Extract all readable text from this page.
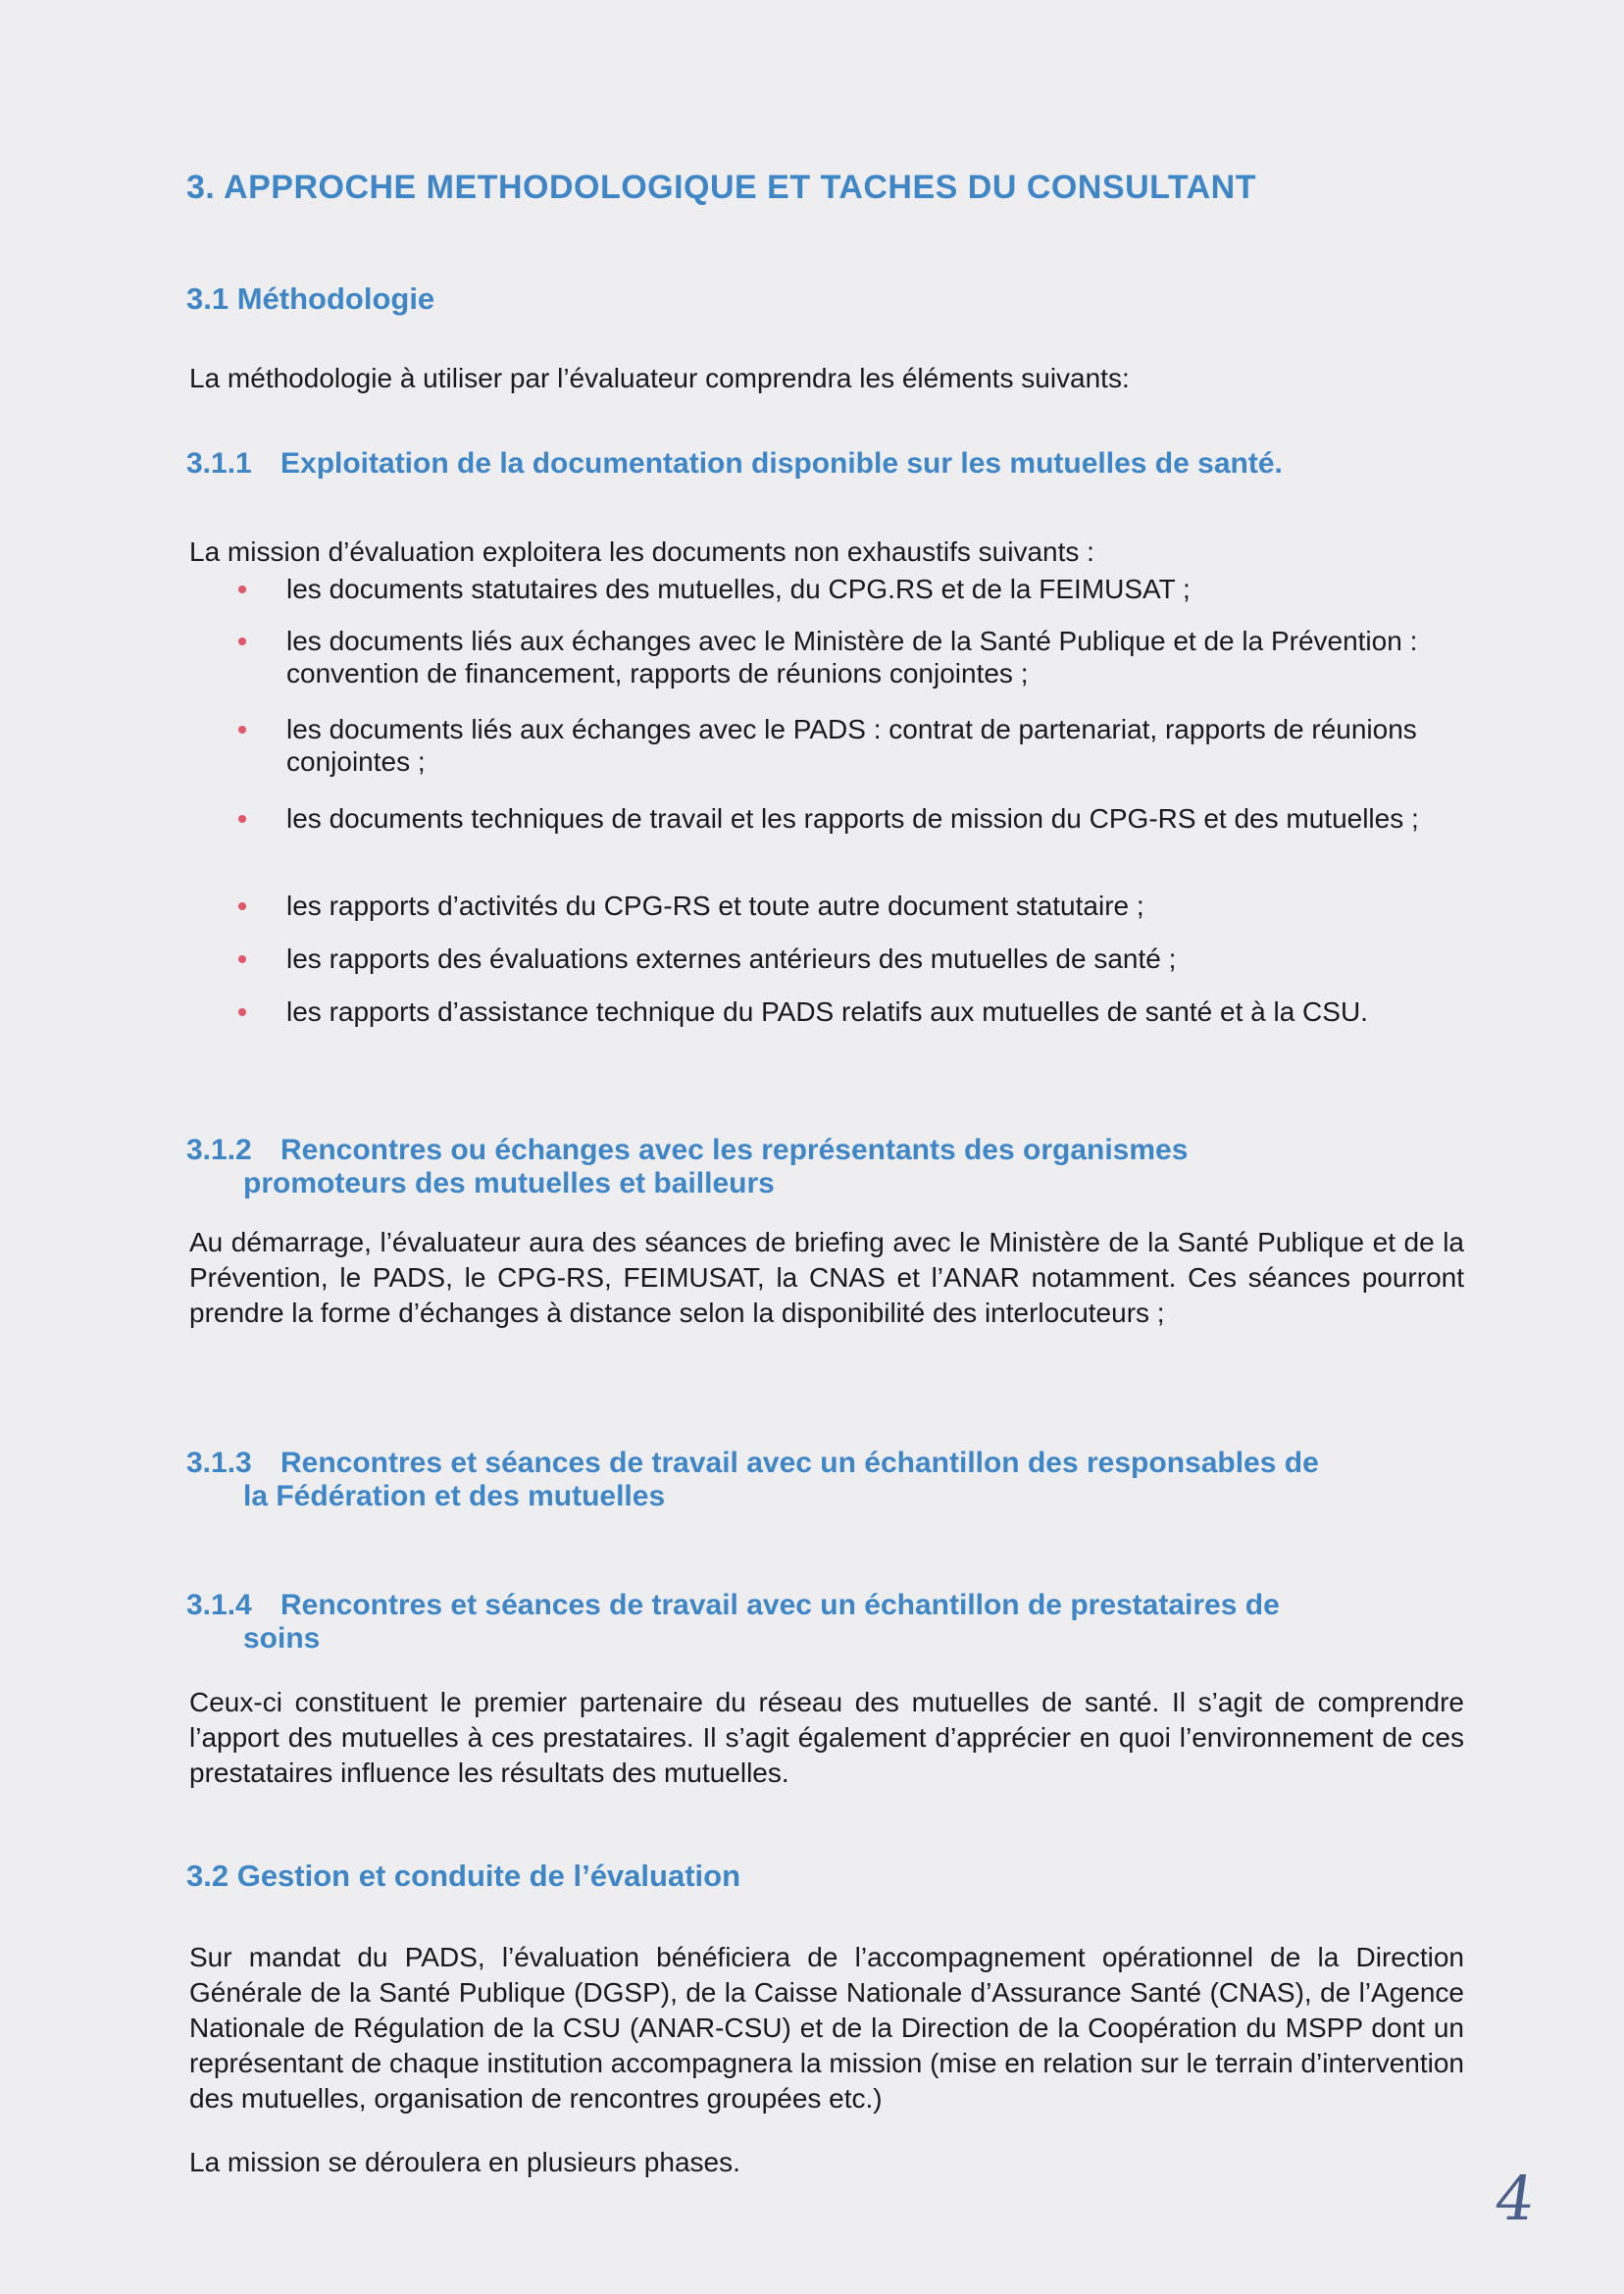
3. APPROCHE METHODOLOGIQUE ET TACHES DU CONSULTANT
3.1 Méthodologie
La méthodologie à utiliser par l’évaluateur comprendra les éléments suivants:
3.1.1 Exploitation de la documentation disponible sur les mutuelles de santé.
La mission d’évaluation exploitera les documents non exhaustifs suivants :
les documents statutaires des mutuelles, du CPG.RS et de la FEIMUSAT ;
les documents liés aux échanges avec le Ministère de la Santé Publique et de la Prévention : convention de financement, rapports de réunions conjointes ;
les documents liés aux échanges avec le PADS : contrat de partenariat, rapports de réunions conjointes ;
les documents techniques de travail et les rapports de mission du CPG-RS et des mutuelles ;
les rapports d’activités du CPG-RS et toute autre document statutaire ;
les rapports des évaluations externes antérieurs des mutuelles de santé ;
les rapports d’assistance technique du PADS relatifs aux mutuelles de santé et à la CSU.
3.1.2 Rencontres ou échanges avec les représentants des organismes
promoteurs des mutuelles et bailleurs
Au démarrage, l’évaluateur aura des séances de briefing avec le Ministère de la Santé Publique et de la Prévention, le PADS, le CPG-RS, FEIMUSAT, la CNAS et l’ANAR notamment. Ces séances pourront prendre la forme d’échanges à distance selon la disponibilité des interlocuteurs ;
3.1.3 Rencontres et séances de travail avec un échantillon des responsables de
la Fédération et des mutuelles
3.1.4 Rencontres et séances de travail avec un échantillon de prestataires de
soins
Ceux-ci constituent le premier partenaire du réseau des mutuelles de santé. Il s’agit de comprendre l’apport des mutuelles à ces prestataires. Il s’agit également d’apprécier en quoi l’environnement de ces prestataires influence les résultats des mutuelles.
3.2 Gestion et conduite de l’évaluation
Sur mandat du PADS, l’évaluation bénéficiera de l’accompagnement opérationnel de la Direction Générale de la Santé Publique (DGSP), de la Caisse Nationale d’Assurance Santé (CNAS), de l’Agence Nationale de Régulation de la CSU (ANAR-CSU) et de la Direction de la Coopération du MSPP dont un représentant de chaque institution accompagnera la mission (mise en relation sur le terrain d’intervention des mutuelles, organisation de rencontres groupées etc.)
La mission se déroulera en plusieurs phases.
4
